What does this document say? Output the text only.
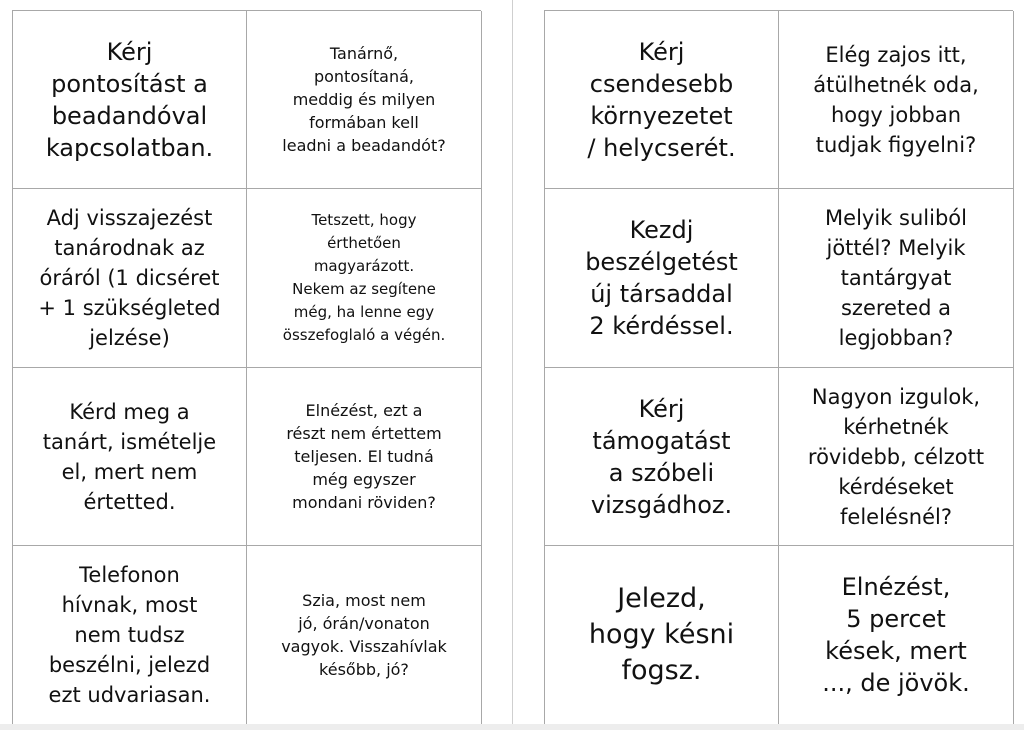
Kérj
pontosítást a
beadandóval
kapcsolatban.
Tanárnő,
pontosítaná,
meddig és milyen
formában kell
leadni a beadandót?
Adj visszajezést
tanárodnak az
óráról (1 dicséret
+ 1 szükségleted
jelzése)
Tetszett, hogy
érthetően
magyarázott.
Nekem az segítene
még, ha lenne egy
összefoglaló a végén.
Kérd meg a
tanárt, ismételje
el, mert nem
értetted.
Elnézést, ezt a
részt nem értettem
teljesen. El tudná
még egyszer
mondani röviden?
Telefonon
hívnak, most
nem tudsz
beszélni, jelezd
ezt udvariasan.
Szia, most nem
jó, órán/vonaton
vagyok. Visszahívlak
később, jó?
Kérj
csendesebb
környezetet
/ helycserét.
Elég zajos itt,
átülhetnék oda,
hogy jobban
tudjak figyelni?
Kezdj
beszélgetést
új társaddal
2 kérdéssel.
Melyik suliból
jöttél? Melyik
tantárgyat
szereted a
legjobban?
Kérj
támogatást
a szóbeli
vizsgádhoz.
Nagyon izgulok,
kérhetnék
rövidebb, célzott
kérdéseket
felelésnél?
Jelezd,
hogy késni
fogsz.
Elnézést,
5 percet
kések, mert
..., de jövök.
